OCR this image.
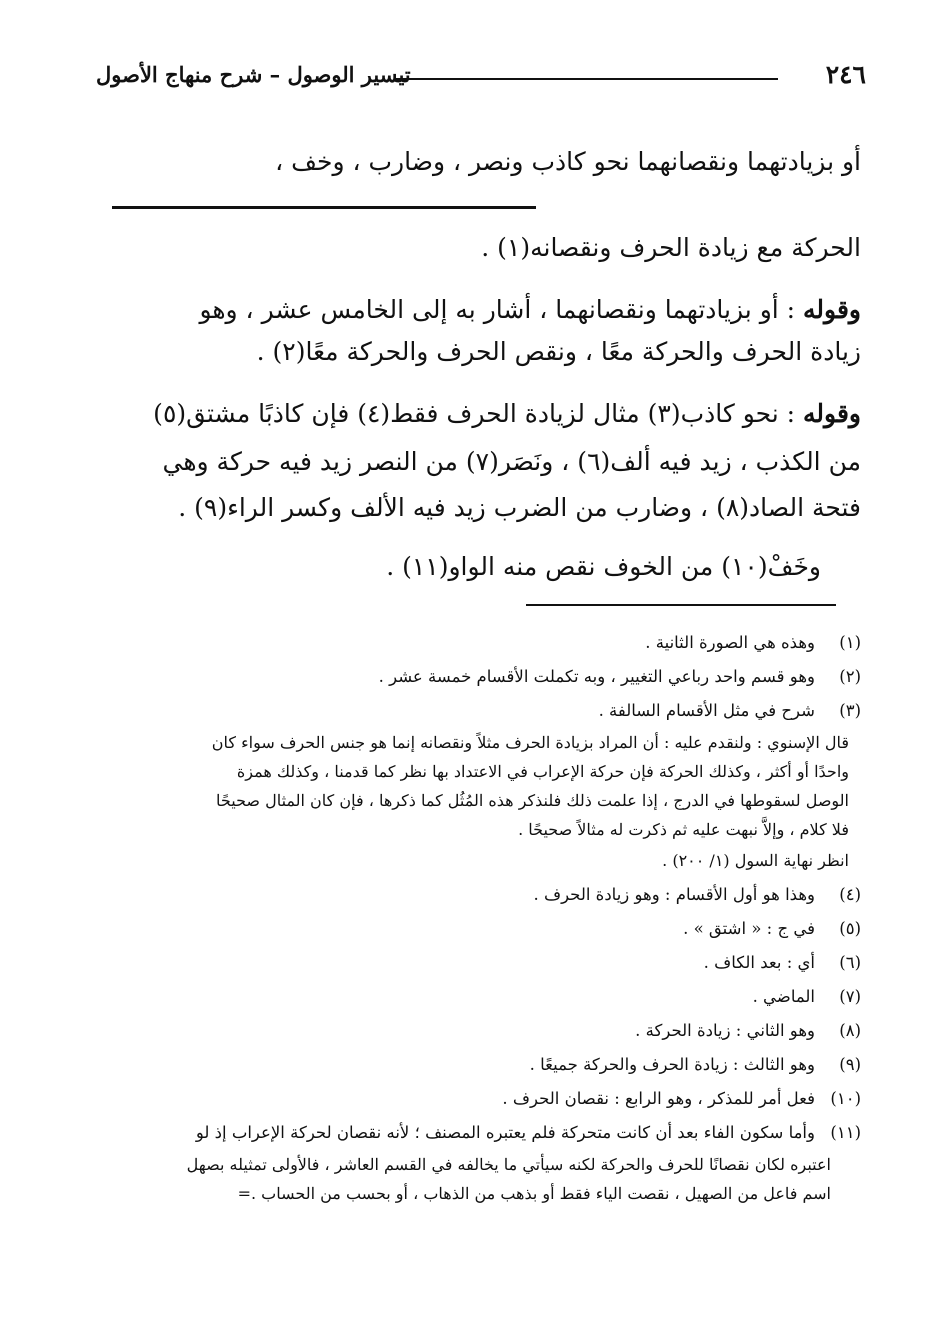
٢٤٦
تيسير الوصول – شرح منهاج الأصول
أو بزيادتهما ونقصانهما نحو كاذب ونصر ، وضارب ، وخف ،
الحركة مع زيادة الحرف ونقصانه(١) .
وقوله : أو بزيادتهما ونقصانهما ، أشار به إلى الخامس عشر ، وهو
زيادة الحرف والحركة معًا ، ونقص الحرف والحركة معًا(٢) .
وقوله : نحو كاذب(٣) مثال لزيادة الحرف فقط(٤) فإن كاذبًا مشتق(٥)
من الكذب ، زيد فيه ألف(٦) ، ونَصَر(٧) من النصر زيد فيه حركة وهي
فتحة الصاد(٨) ، وضارب من الضرب زيد فيه الألف وكسر الراء(٩) .
وخَفْ(١٠) من الخوف نقص منه الواو(١١) .
(١)وهذه هي الصورة الثانية .
(٢)وهو قسم واحد رباعي التغيير ، وبه تكملت الأقسام خمسة عشر .
(٣)شرح في مثل الأقسام السالفة .
قال الإسنوي : ولنقدم عليه : أن المراد بزيادة الحرف مثلاً ونقصانه إنما هو جنس الحرف سواء كان
واحدًا أو أكثر ، وكذلك الحركة فإن حركة الإعراب في الاعتداد بها نظر كما قدمنا ، وكذلك همزة
الوصل لسقوطها في الدرج ، إذا علمت ذلك فلنذكر هذه المُثُل كما ذكرها ، فإن كان المثال صحيحًا
فلا كلام ، وإلاَّ نبهت عليه ثم ذكرت له مثالاً صحيحًا .
انظر نهاية السول (١/ ٢٠٠) .
(٤)وهذا هو أول الأقسام : وهو زيادة الحرف .
(٥)في ج : « اشتق » .
(٦)أي : بعد الكاف .
(٧)الماضي .
(٨)وهو الثاني : زيادة الحركة .
(٩)وهو الثالث : زيادة الحرف والحركة جميعًا .
(١٠)فعل أمر للمذكر ، وهو الرابع : نقصان الحرف .
(١١)وأما سكون الفاء بعد أن كانت متحركة فلم يعتبره المصنف ؛ لأنه نقصان لحركة الإعراب إذ لو
اعتبره لكان نقصانًا للحرف والحركة لكنه سيأتي ما يخالفه في القسم العاشر ، فالأولى تمثيله بصهل
اسم فاعل من الصهيل ، نقصت الياء فقط أو بذهب من الذهاب ، أو بحسب من الحساب .=
